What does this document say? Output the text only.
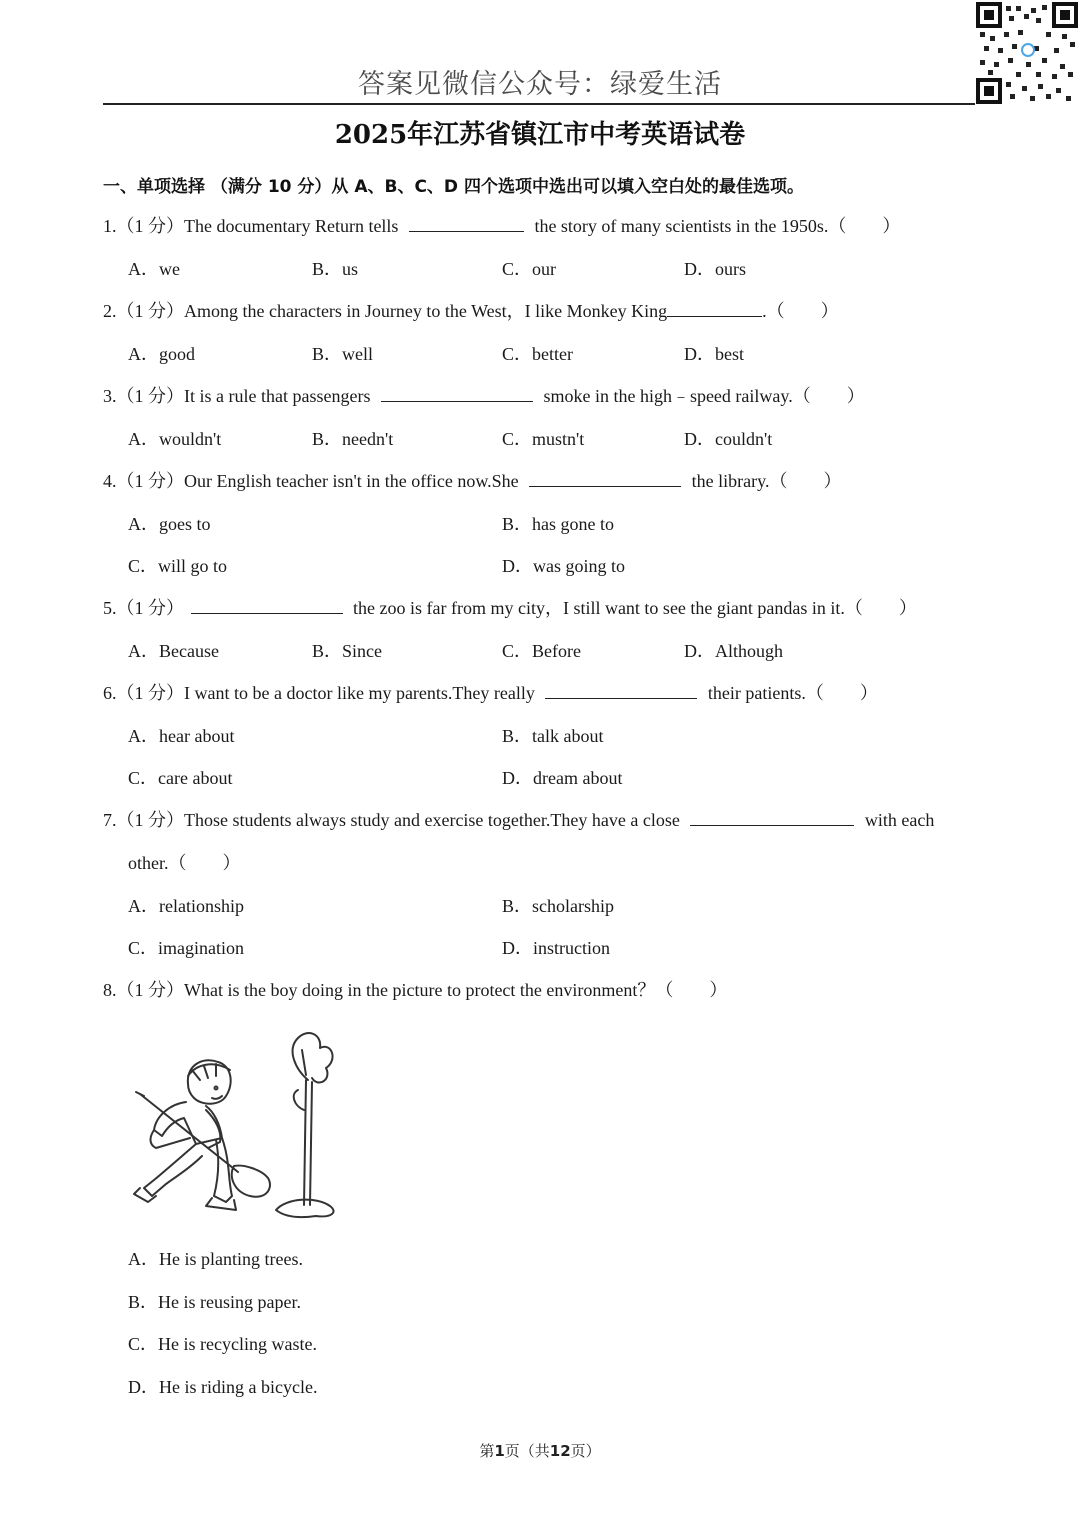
答案见微信公众号：绿爱生活
2025年江苏省镇江市中考英语试卷
一、单项选择 （满分 10 分）从 A、B、C、D 四个选项中选出可以填入空白处的最佳选项。
1.（1 分）The documentary Return tells	the story of many scientists in the 1950s.（　　）
A．we	B．us	C．our	D．ours
2.（1 分）Among the characters in Journey to the West，I like Monkey King	.（　　）
A．good	B．well	C．better	D．best
3.（1 分）It is a rule that passengers	smoke in the high﹣speed railway.（　　）
A．wouldn't	B．needn't	C．mustn't	D．couldn't
4.（1 分）Our English teacher isn't in the office now.She	the library.（　　）
A．goes to	B．has gone to
C．will go to	D．was going to
5.（1 分）	the zoo is far from my city，I still want to see the giant pandas in it.（　　）
A．Because	B．Since	C．Before	D．Although
6.（1 分）I want to be a doctor like my parents.They really	their patients.（　　）
A．hear about	B．talk about
C．care about	D．dream about
7.（1 分）Those students always study and exercise together.They have a close	with each
other.（　　）
A．relationship	B．scholarship
C．imagination	D．instruction
8.（1 分）What is the boy doing in the picture to protect the environment？（　　）
A．He is planting trees.
B．He is reusing paper.
C．He is recycling waste.
D．He is riding a bicycle.
第1页（共12页）
